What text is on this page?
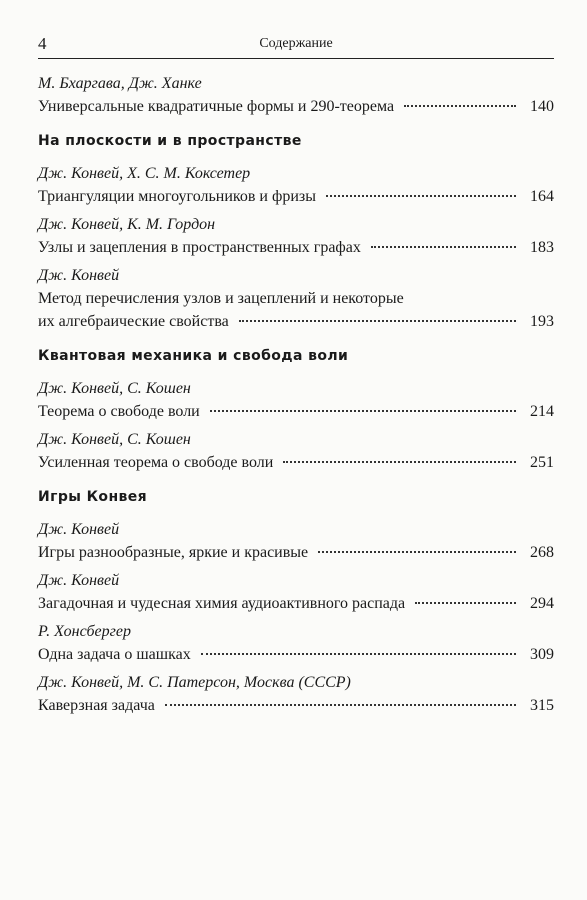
4	Содержание
М. Бхаргава, Дж. Ханке
Универсальные квадратичные формы и 290-теорема	140
На плоскости и в пространстве
Дж. Конвей, Х. С. М. Коксетер
Триангуляции многоугольников и фризы	164
Дж. Конвей, К. М. Гордон
Узлы и зацепления в пространственных графах	183
Дж. Конвей
Метод перечисления узлов и зацеплений и некоторые
их алгебраические свойства	193
Квантовая механика и свобода воли
Дж. Конвей, С. Кошен
Теорема о свободе воли	214
Дж. Конвей, С. Кошен
Усиленная теорема о свободе воли	251
Игры Конвея
Дж. Конвей
Игры разнообразные, яркие и красивые	268
Дж. Конвей
Загадочная и чудесная химия аудиоактивного распада	294
Р. Хонсбергер
Одна задача о шашках	309
Дж. Конвей, М. С. Патерсон, Москва (СССР)
Каверзная задача	315
